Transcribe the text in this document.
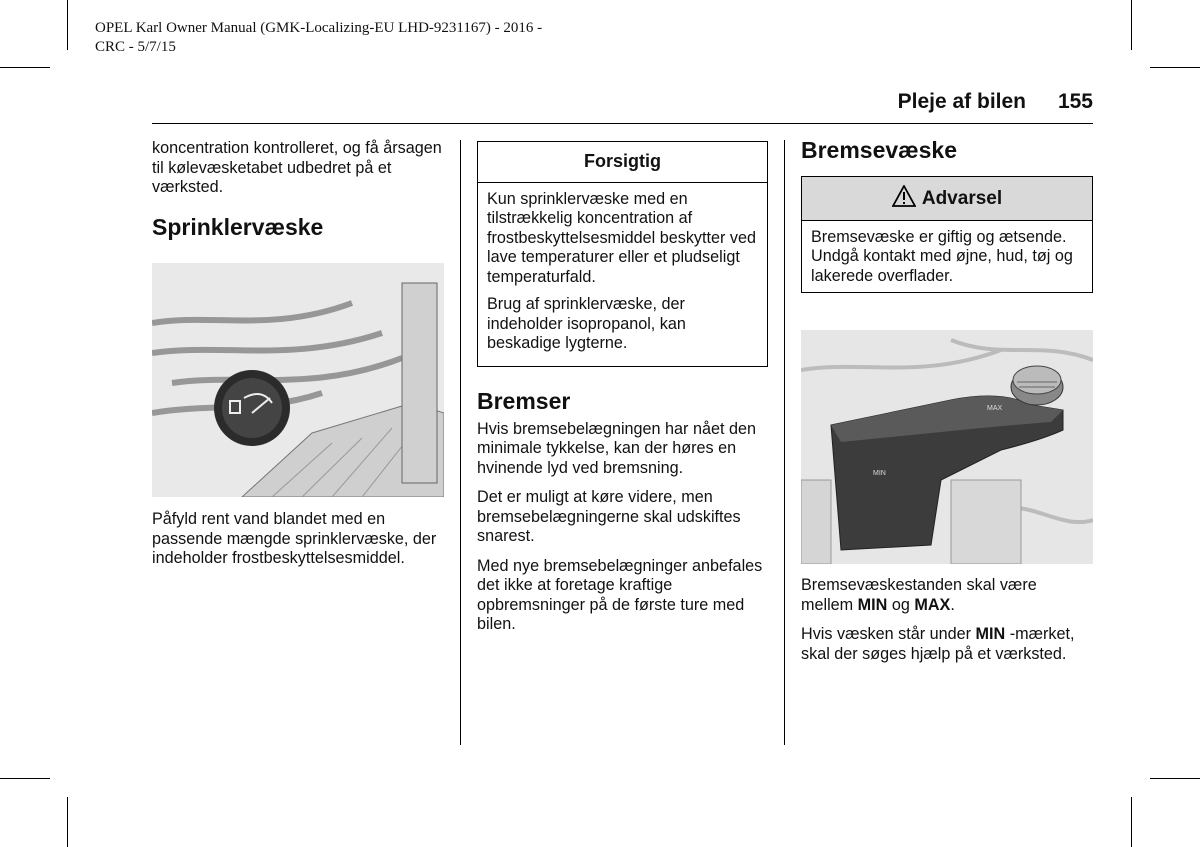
OPEL Karl Owner Manual (GMK-Localizing-EU LHD-9231167) - 2016 -
CRC - 5/7/15
Pleje af bilen 155

koncentration kontrolleret, og få årsagen til kølevæsketabet udbedret på et værksted.

Sprinklervæske

Påfyld rent vand blandet med en passende mængde sprinklervæske, der indeholder frostbeskyttelsesmiddel.

Forsigtig

Kun sprinklervæske med en tilstrækkelig koncentration af frostbeskyttelsesmiddel beskytter ved lave temperaturer eller et pludseligt temperaturfald.

Brug af sprinklervæske, der indeholder isopropanol, kan beskadige lygterne.

Bremser

Hvis bremsebelægningen har nået den minimale tykkelse, kan der høres en hvinende lyd ved bremsning.

Det er muligt at køre videre, men bremsebelægningerne skal udskiftes snarest.

Med nye bremsebelægninger anbefales det ikke at foretage kraftige opbremsninger på de første ture med bilen.

Bremsevæske
Advarsel

Bremsevæske er giftig og ætsende. Undgå kontakt med øjne, hud, tøj og lakerede overflader.

MAX
MIN

Bremsevæskestanden skal være mellem MIN og MAX.

Hvis væsken står under MIN -mærket, skal der søges hjælp på et værksted.
